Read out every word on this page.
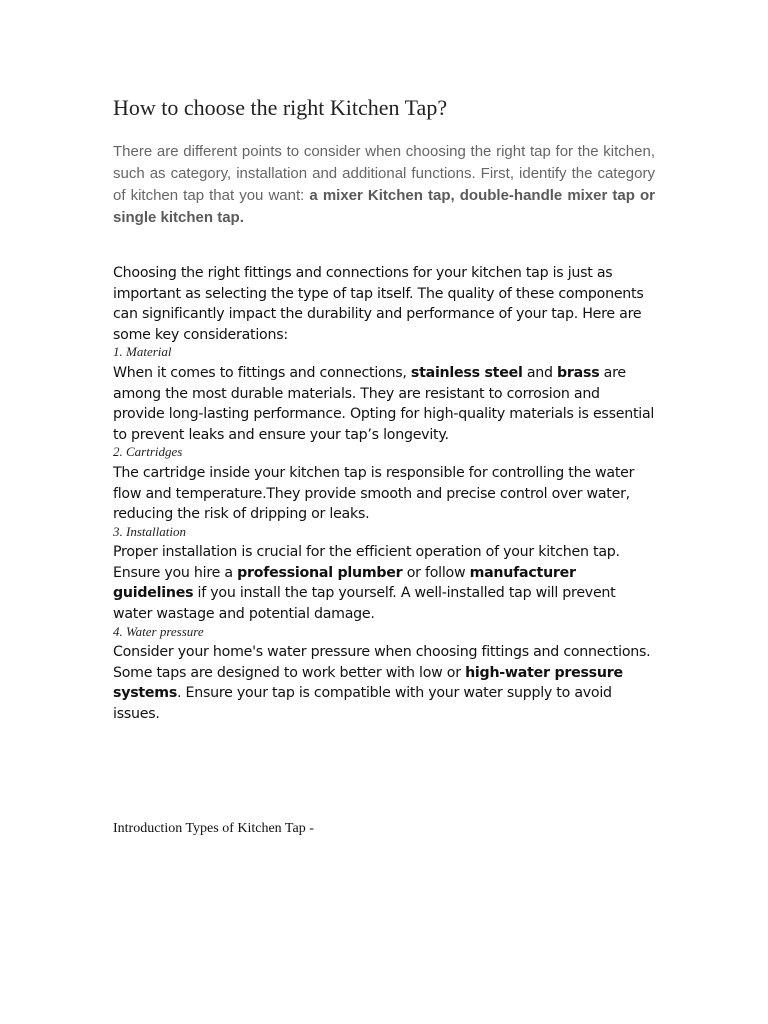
How to choose the right Kitchen Tap?

There are different points to consider when choosing the right tap for the kitchen, such as category, installation and additional functions. First, identify the category of kitchen tap that you want: a mixer Kitchen tap, double-handle mixer tap or single kitchen tap.

Choosing the right fittings and connections for your kitchen tap is just as important as selecting the type of tap itself. The quality of these components can significantly impact the durability and performance of your tap. Here are some key considerations:

1. Material

When it comes to fittings and connections, stainless steel and brass are among the most durable materials. They are resistant to corrosion and provide long-lasting performance. Opting for high-quality materials is essential to prevent leaks and ensure your tap’s longevity.

2. Cartridges

The cartridge inside your kitchen tap is responsible for controlling the water flow and temperature.They provide smooth and precise control over water, reducing the risk of dripping or leaks.

3. Installation

Proper installation is crucial for the efficient operation of your kitchen tap. Ensure you hire a professional plumber or follow manufacturer guidelines if you install the tap yourself. A well-installed tap will prevent water wastage and potential damage.

4. Water pressure

Consider your home's water pressure when choosing fittings and connections. Some taps are designed to work better with low or high-water pressure systems. Ensure your tap is compatible with your water supply to avoid issues.

Introduction Types of Kitchen Tap -
